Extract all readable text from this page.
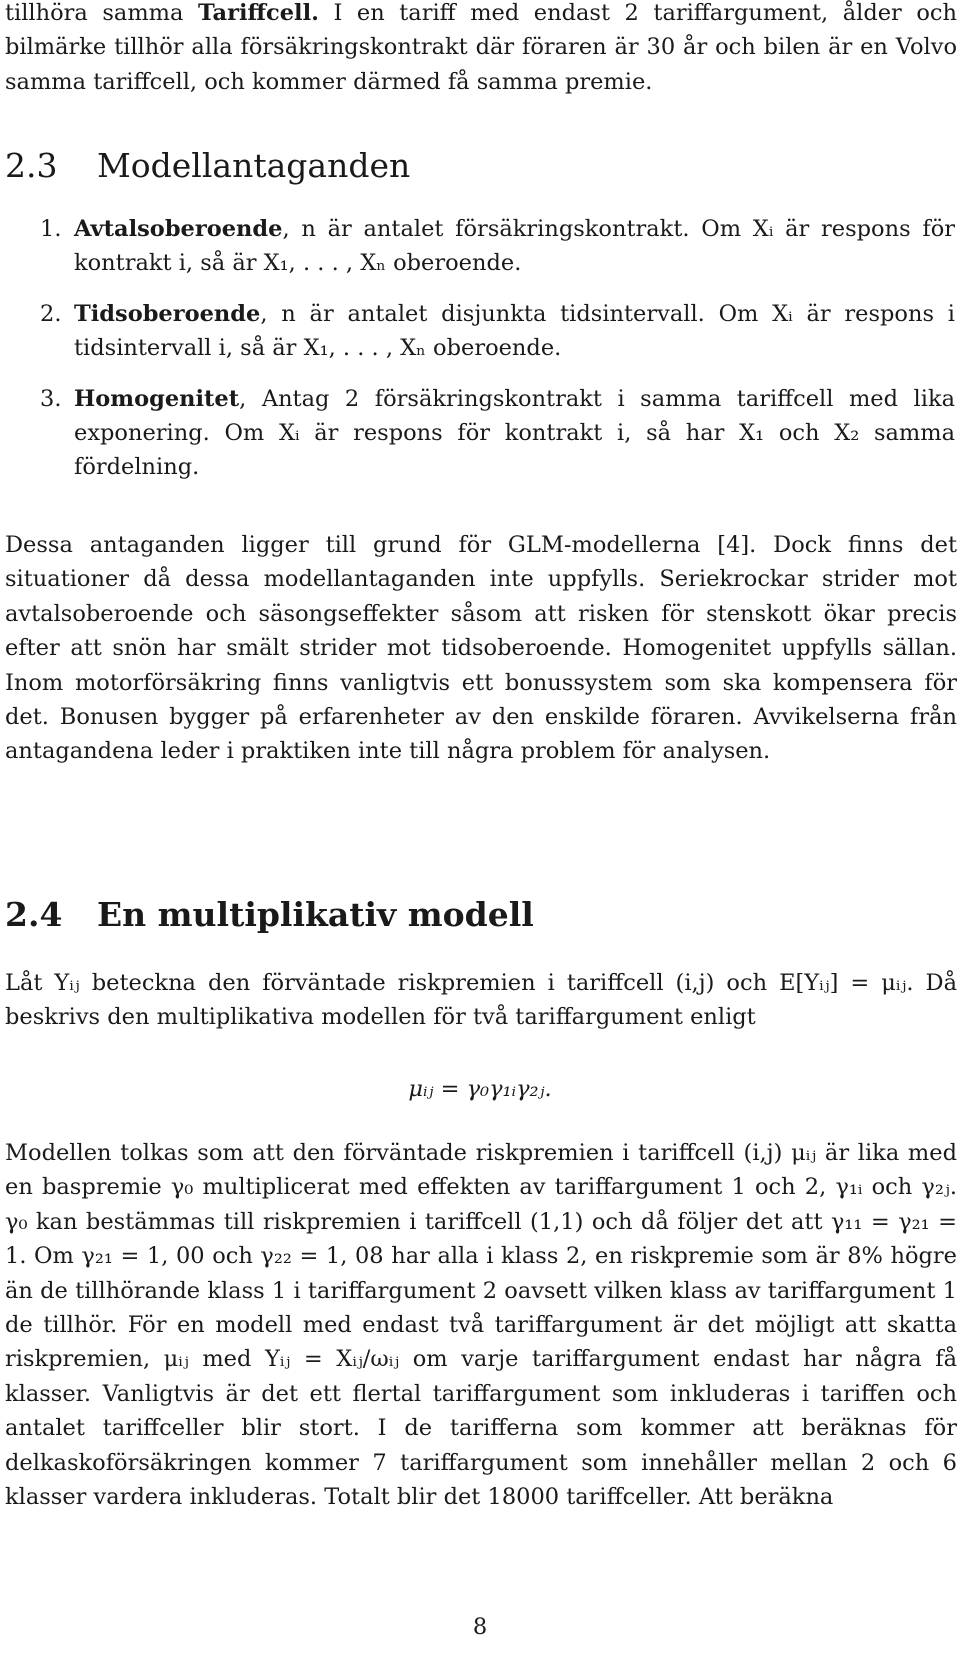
tillhöra samma Tariffcell. I en tariff med endast 2 tariffargument, ålder och bilmärke tillhör alla försäkringskontrakt där föraren är 30 år och bilen är en Volvo samma tariffcell, och kommer därmed få samma premie.

2.3 Modellantaganden
1. Avtalsoberoende, n är antalet försäkringskontrakt. Om Xᵢ är respons för kontrakt i, så är X₁, . . . , Xₙ oberoende.
2. Tidsoberoende, n är antalet disjunkta tidsintervall. Om Xᵢ är respons i tidsintervall i, så är X₁, . . . , Xₙ oberoende.
3. Homogenitet, Antag 2 försäkringskontrakt i samma tariffcell med lika exponering. Om Xᵢ är respons för kontrakt i, så har X₁ och X₂ samma fördelning.

Dessa antaganden ligger till grund för GLM-modellerna [4]. Dock finns det situationer då dessa modellantaganden inte uppfylls. Seriekrockar strider mot avtalsoberoende och säsongseffekter såsom att risken för stenskott ökar precis efter att snön har smält strider mot tidsoberoende. Homogenitet uppfylls sällan. Inom motorförsäkring finns vanligtvis ett bonussystem som ska kompensera för det. Bonusen bygger på erfarenheter av den enskilde föraren. Avvikelserna från antagandena leder i praktiken inte till några problem för analysen.

2.4 En multiplikativ modell

Låt Yᵢⱼ beteckna den förväntade riskpremien i tariffcell (i,j) och E[Yᵢⱼ] = μᵢⱼ. Då beskrivs den multiplikativa modellen för två tariffargument enligt

μᵢⱼ = γ₀γ₁ᵢγ₂ⱼ.

Modellen tolkas som att den förväntade riskpremien i tariffcell (i,j) μᵢⱼ är lika med en baspremie γ₀ multiplicerat med effekten av tariffargument 1 och 2, γ₁ᵢ och γ₂ⱼ. γ₀ kan bestämmas till riskpremien i tariffcell (1,1) och då följer det att γ₁₁ = γ₂₁ = 1. Om γ₂₁ = 1, 00 och γ₂₂ = 1, 08 har alla i klass 2, en riskpremie som är 8% högre än de tillhörande klass 1 i tariffargument 2 oavsett vilken klass av tariffargument 1 de tillhör. För en modell med endast två tariffargument är det möjligt att skatta riskpremien, μᵢⱼ med Yᵢⱼ = Xᵢⱼ/ωᵢⱼ om varje tariffargument endast har några få klasser. Vanligtvis är det ett flertal tariffargument som inkluderas i tariffen och antalet tariffceller blir stort. I de tarifferna som kommer att beräknas för delkaskoförsäkringen kommer 7 tariffargument som innehåller mellan 2 och 6 klasser vardera inkluderas. Totalt blir det 18000 tariffceller. Att beräkna

8
